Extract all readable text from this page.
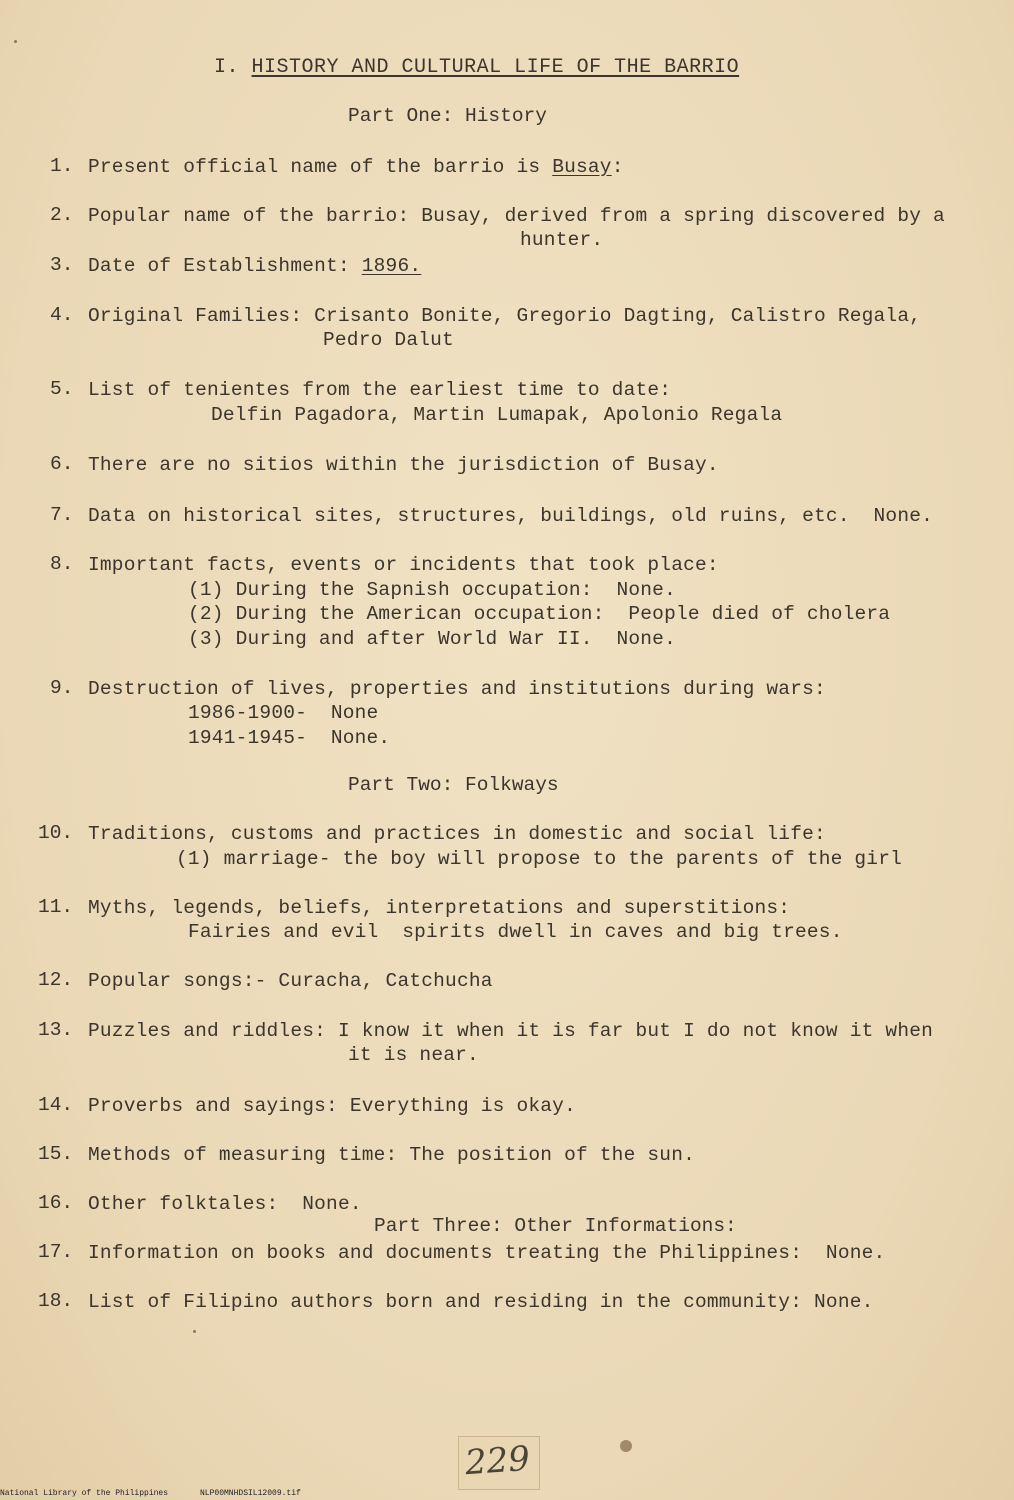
I. HISTORY AND CULTURAL LIFE OF THE BARRIO
Part One: History
1. Present official name of the barrio is Busay:
2. Popular name of the barrio: Busay, derived from a spring discovered by a
hunter.
3. Date of Establishment: 1896.
4. Original Families: Crisanto Bonite, Gregorio Dagting, Calistro Regala,
Pedro Dalut
5. List of tenientes from the earliest time to date:
Delfin Pagadora, Martin Lumapak, Apolonio Regala
6. There are no sitios within the jurisdiction of Busay.
7. Data on historical sites, structures, buildings, old ruins, etc.  None.
8. Important facts, events or incidents that took place:
(1) During the Sapnish occupation:  None.
(2) During the American occupation:  People died of cholera
(3) During and after World War II.  None.
9. Destruction of lives, properties and institutions during wars:
1986-1900-  None
1941-1945-  None.
Part Two: Folkways
10. Traditions, customs and practices in domestic and social life:
(1) marriage- the boy will propose to the parents of the girl
11. Myths, legends, beliefs, interpretations and superstitions:
Fairies and evil  spirits dwell in caves and big trees.
12. Popular songs:- Curacha, Catchucha
13. Puzzles and riddles: I know it when it is far but I do not know it when
it is near.
14. Proverbs and sayings: Everything is okay.
15. Methods of measuring time: The position of the sun.
16. Other folktales:  None.
Part Three: Other Informations:
17. Information on books and documents treating the Philippines:  None.
18. List of Filipino authors born and residing in the community: None.
229
National Library of the Philippines	NLP00MNHDSIL12009.tif
